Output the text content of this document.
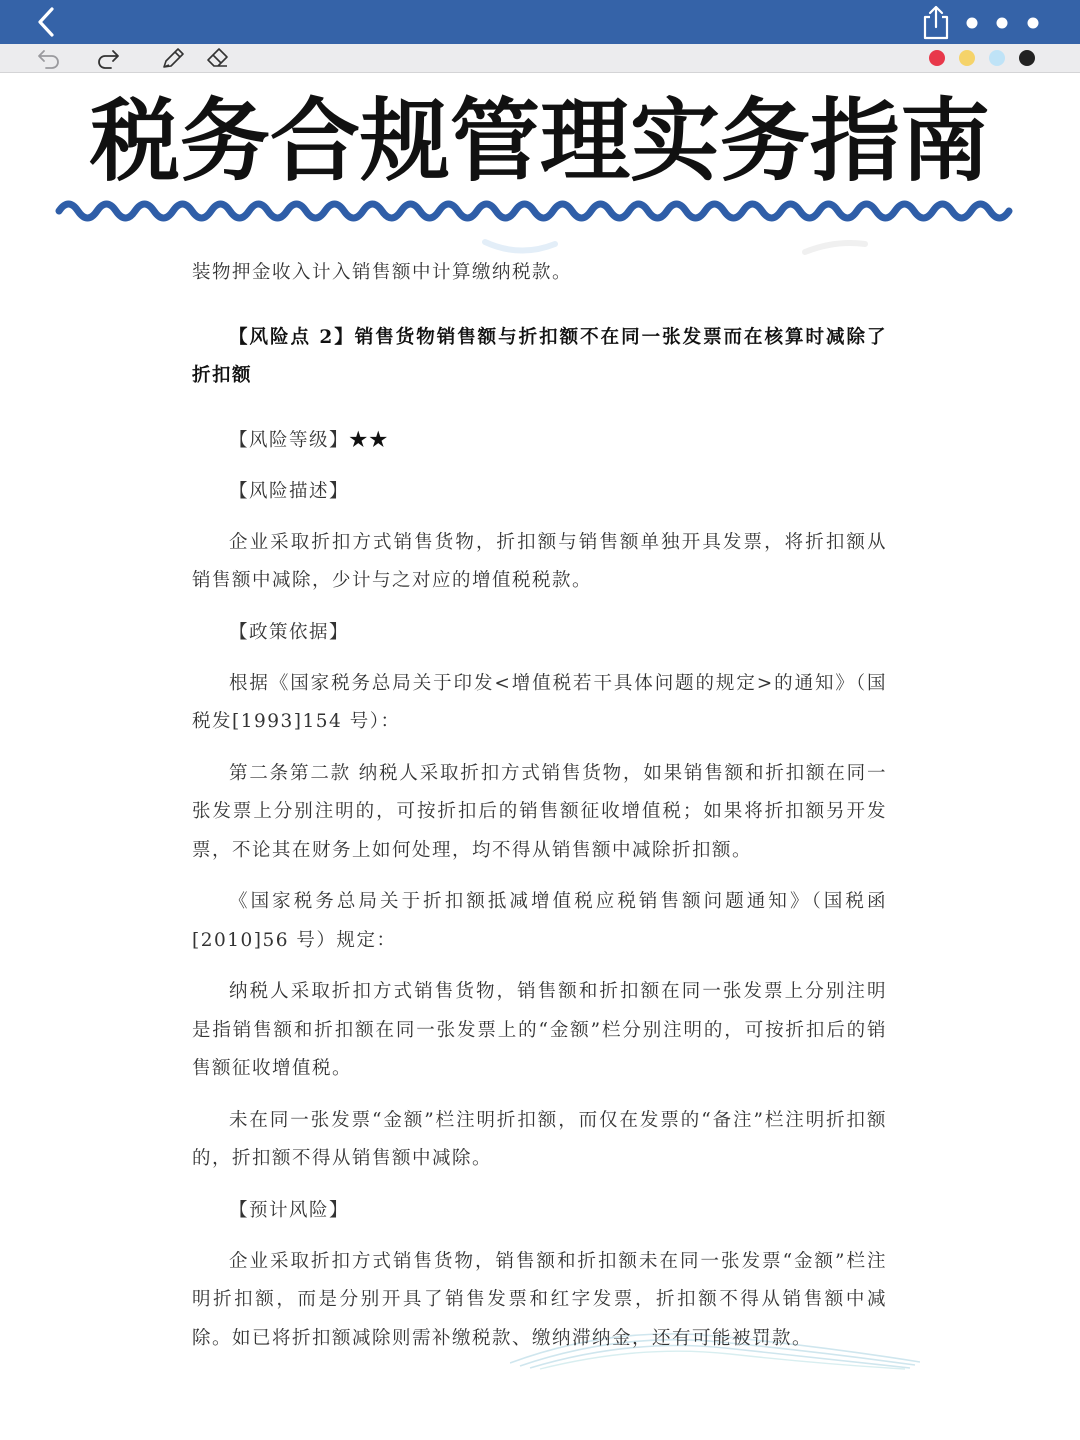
税务合规管理实务指南

装物押金收入计入销售额中计算缴纳税款。

【风险点 2】销售货物销售额与折扣额不在同一张发票而在核算时减除了折扣额

【风险等级】★★

【风险描述】

企业采取折扣方式销售货物，折扣额与销售额单独开具发票，将折扣额从销售额中减除，少计与之对应的增值税税款。

【政策依据】

根据《国家税务总局关于印发<增值税若干具体问题的规定>的通知》（国税发[1993]154 号）：

第二条第二款 纳税人采取折扣方式销售货物，如果销售额和折扣额在同一张发票上分别注明的，可按折扣后的销售额征收增值税；如果将折扣额另开发票，不论其在财务上如何处理，均不得从销售额中减除折扣额。

《国家税务总局关于折扣额抵减增值税应税销售额问题通知》（国税函[2010]56 号）规定：

纳税人采取折扣方式销售货物，销售额和折扣额在同一张发票上分别注明是指销售额和折扣额在同一张发票上的“金额”栏分别注明的，可按折扣后的销售额征收增值税。

未在同一张发票“金额”栏注明折扣额，而仅在发票的“备注”栏注明折扣额的，折扣额不得从销售额中减除。

【预计风险】

企业采取折扣方式销售货物，销售额和折扣额未在同一张发票“金额”栏注明折扣额，而是分别开具了销售发票和红字发票，折扣额不得从销售额中减除。如已将折扣额减除则需补缴税款、缴纳滞纳金，还有可能被罚款。
